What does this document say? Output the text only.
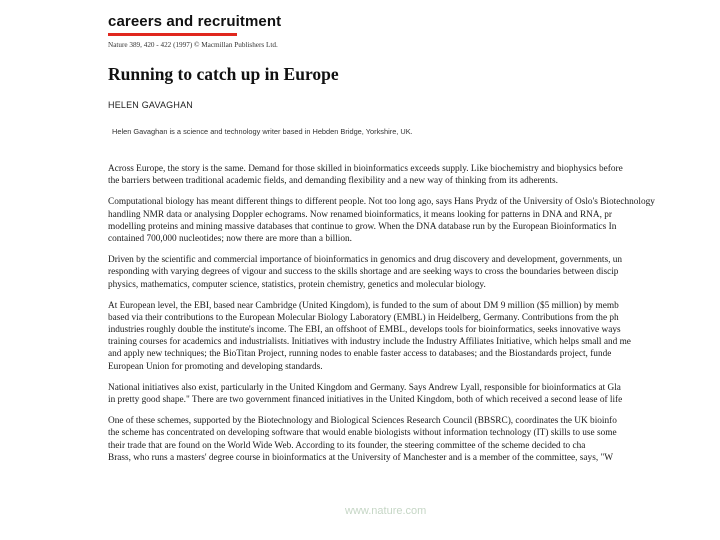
careers and recruitment
Nature 389, 420 - 422 (1997) © Macmillan Publishers Ltd.
Running to catch up in Europe
HELEN GAVAGHAN
Helen Gavaghan is a science and technology writer based in Hebden Bridge, Yorkshire, UK.
Across Europe, the story is the same. Demand for those skilled in bioinformatics exceeds supply. Like biochemistry and biophysics before
the barriers between traditional academic fields, and demanding flexibility and a new way of thinking from its adherents.
Computational biology has meant different things to different people. Not too long ago, says Hans Prydz of the University of Oslo's Biotechnology
handling NMR data or analysing Doppler echograms. Now renamed bioinformatics, it means looking for patterns in DNA and RNA, pr
modelling proteins and mining massive databases that continue to grow. When the DNA database run by the European Bioinformatics In
contained 700,000 nucleotides; now there are more than a billion.
Driven by the scientific and commercial importance of bioinformatics in genomics and drug discovery and development, governments, un
responding with varying degrees of vigour and success to the skills shortage and are seeking ways to cross the boundaries between discip
physics, mathematics, computer science, statistics, protein chemistry, genetics and molecular biology.
At European level, the EBI, based near Cambridge (United Kingdom), is funded to the sum of about DM 9 million ($5 million) by memb
based via their contributions to the European Molecular Biology Laboratory (EMBL) in Heidelberg, Germany. Contributions from the ph
industries roughly double the institute's income. The EBI, an offshoot of EMBL, develops tools for bioinformatics, seeks innovative ways
training courses for academics and industrialists. Initiatives with industry include the Industry Affiliates Initiative, which helps small and me
and apply new techniques; the BioTitan Project, running nodes to enable faster access to databases; and the Biostandards project, funde
European Union for promoting and developing standards.
National initiatives also exist, particularly in the United Kingdom and Germany. Says Andrew Lyall, responsible for bioinformatics at Gla
in pretty good shape." There are two government financed initiatives in the United Kingdom, both of which received a second lease of life
One of these schemes, supported by the Biotechnology and Biological Sciences Research Council (BBSRC), coordinates the UK bioinfo
the scheme has concentrated on developing software that would enable biologists without information technology (IT) skills to use some
their trade that are found on the World Wide Web. According to its founder, the steering committee of the scheme decided to cha
Brass, who runs a masters' degree course in bioinformatics at the University of Manchester and is a member of the committee, says, "W
www.nature.com
